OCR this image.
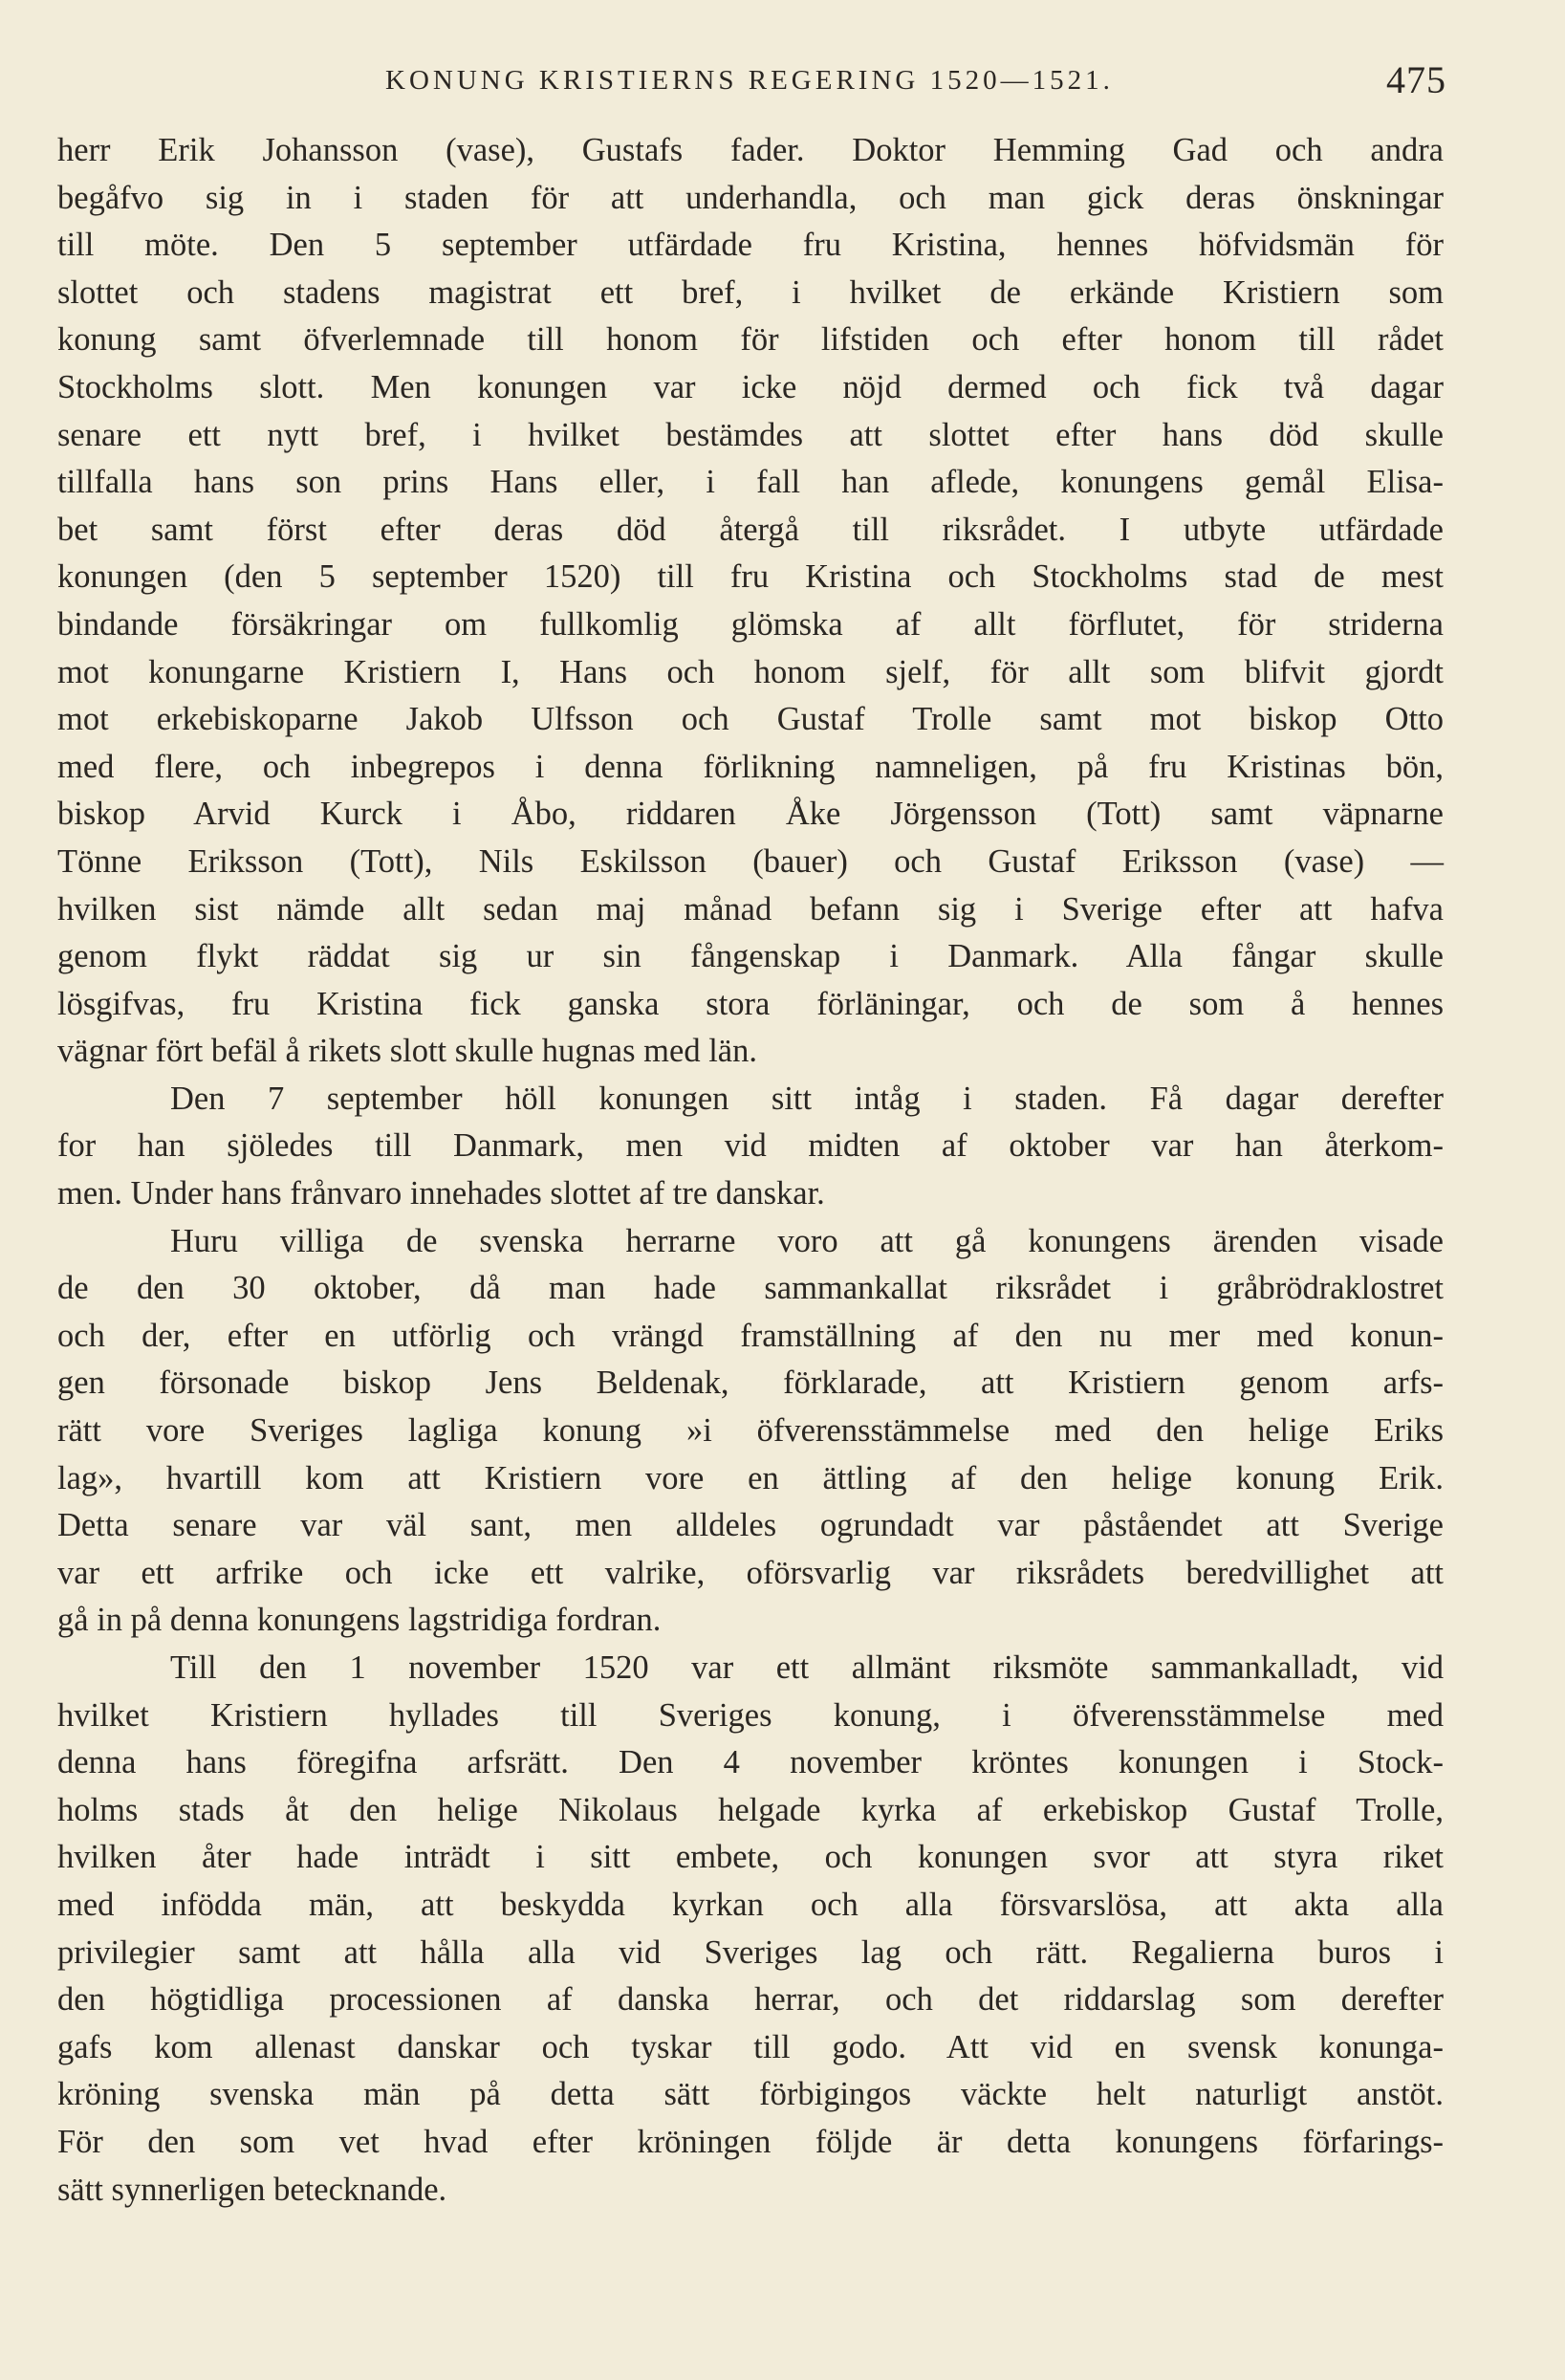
KONUNG KRISTIERNS REGERING 1520—1521.	475
herr Erik Johansson (vase), Gustafs fader. Doktor Hemming Gad och andra
begåfvo sig in i staden för att underhandla, och man gick deras önskningar
till möte. Den 5 september utfärdade fru Kristina, hennes höfvidsmän för
slottet och stadens magistrat ett bref, i hvilket de erkände Kristiern som
konung samt öfverlemnade till honom för lifstiden och efter honom till rådet
Stockholms slott. Men konungen var icke nöjd dermed och fick två dagar
senare ett nytt bref, i hvilket bestämdes att slottet efter hans död skulle
tillfalla hans son prins Hans eller, i fall han aflede, konungens gemål Elisa-
bet samt först efter deras död återgå till riksrådet. I utbyte utfärdade
konungen (den 5 september 1520) till fru Kristina och Stockholms stad de mest
bindande försäkringar om fullkomlig glömska af allt förflutet, för striderna
mot konungarne Kristiern I, Hans och honom sjelf, för allt som blifvit gjordt
mot erkebiskoparne Jakob Ulfsson och Gustaf Trolle samt mot biskop Otto
med flere, och inbegrepos i denna förlikning namneligen, på fru Kristinas bön,
biskop Arvid Kurck i Åbo, riddaren Åke Jörgensson (Tott) samt väpnarne
Tönne Eriksson (Tott), Nils Eskilsson (bauer) och Gustaf Eriksson (vase) —
hvilken sist nämde allt sedan maj månad befann sig i Sverige efter att hafva
genom flykt räddat sig ur sin fångenskap i Danmark. Alla fångar skulle
lösgifvas, fru Kristina fick ganska stora förläningar, och de som å hennes
vägnar fört befäl å rikets slott skulle hugnas med län.
Den 7 september höll konungen sitt intåg i staden. Få dagar derefter
for han sjöledes till Danmark, men vid midten af oktober var han återkom-
men. Under hans frånvaro innehades slottet af tre danskar.
Huru villiga de svenska herrarne voro att gå konungens ärenden visade
de den 30 oktober, då man hade sammankallat riksrådet i gråbrödraklostret
och der, efter en utförlig och vrängd framställning af den nu mer med konun-
gen försonade biskop Jens Beldenak, förklarade, att Kristiern genom arfs-
rätt vore Sveriges lagliga konung »i öfverensstämmelse med den helige Eriks
lag», hvartill kom att Kristiern vore en ättling af den helige konung Erik.
Detta senare var väl sant, men alldeles ogrundadt var påståendet att Sverige
var ett arfrike och icke ett valrike, oförsvarlig var riksrådets beredvillighet att
gå in på denna konungens lagstridiga fordran.
Till den 1 november 1520 var ett allmänt riksmöte sammankalladt, vid
hvilket Kristiern hyllades till Sveriges konung, i öfverensstämmelse med
denna hans föregifna arfsrätt. Den 4 november kröntes konungen i Stock-
holms stads åt den helige Nikolaus helgade kyrka af erkebiskop Gustaf Trolle,
hvilken åter hade inträdt i sitt embete, och konungen svor att styra riket
med infödda män, att beskydda kyrkan och alla försvarslösa, att akta alla
privilegier samt att hålla alla vid Sveriges lag och rätt. Regalierna buros i
den högtidliga processionen af danska herrar, och det riddarslag som derefter
gafs kom allenast danskar och tyskar till godo. Att vid en svensk konunga-
kröning svenska män på detta sätt förbigingos väckte helt naturligt anstöt.
För den som vet hvad efter kröningen följde är detta konungens förfarings-
sätt synnerligen betecknande.
